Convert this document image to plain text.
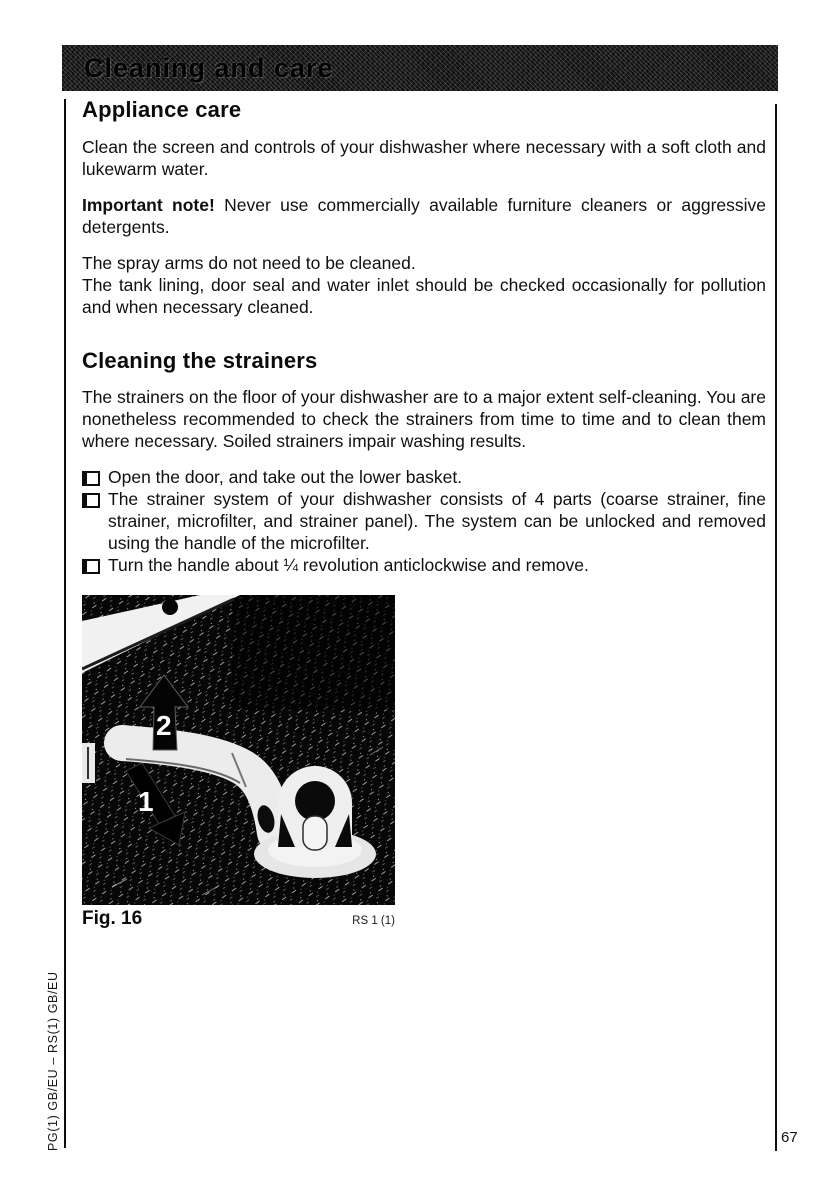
Cleaning and care
Appliance care

Clean the screen and controls of your dishwasher where necessary with a soft cloth and lukewarm water.

Important note! Never use commercially available furniture cleaners or aggressive detergents.

The spray arms do not need to be cleaned.
The tank lining, door seal and water inlet should be checked occasionally for pollution and when necessary cleaned.

Cleaning the strainers

The strainers on the floor of your dishwasher are to a major extent self-cleaning. You are nonetheless recommended to check the strainers from time to time and to clean them where necessary. Soiled strainers impair washing results.

Open the door, and take out the lower basket.
The strainer system of your dishwasher consists of 4 parts (coarse strainer, fine strainer, microfilter, and strainer panel). The system can be unlocked and removed using the handle of the microfilter.
Turn the handle about ¼ revolution anticlockwise and remove.
2
1
Fig. 16	RS 1 (1)
PG(1) GB/EU – RS(1) GB/EU	67
